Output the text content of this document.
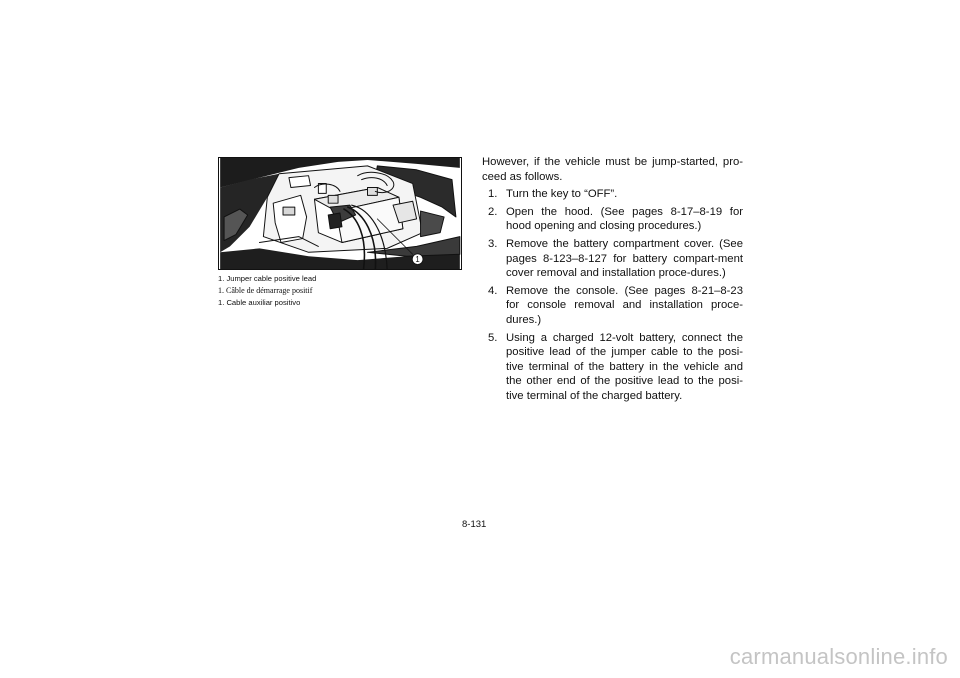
1

1. Jumper cable positive lead

1. Câble de démarrage positif

1. Cable auxiliar positivo

However, if the vehicle must be jump-started, pro-ceed as follows.

1. Turn the key to “OFF”.
2. Open the hood. (See pages 8-17–8-19 for hood opening and closing procedures.)
3. Remove the battery compartment cover. (See pages 8-123–8-127 for battery compart-ment cover removal and installation proce-dures.)
4. Remove the console. (See pages 8-21–8-23 for console removal and installation proce-dures.)
5. Using a charged 12-volt battery, connect the positive lead of the jumper cable to the posi-tive terminal of the battery in the vehicle and the other end of the positive lead to the posi-tive terminal of the charged battery.
8-131
carmanualsonline.info
